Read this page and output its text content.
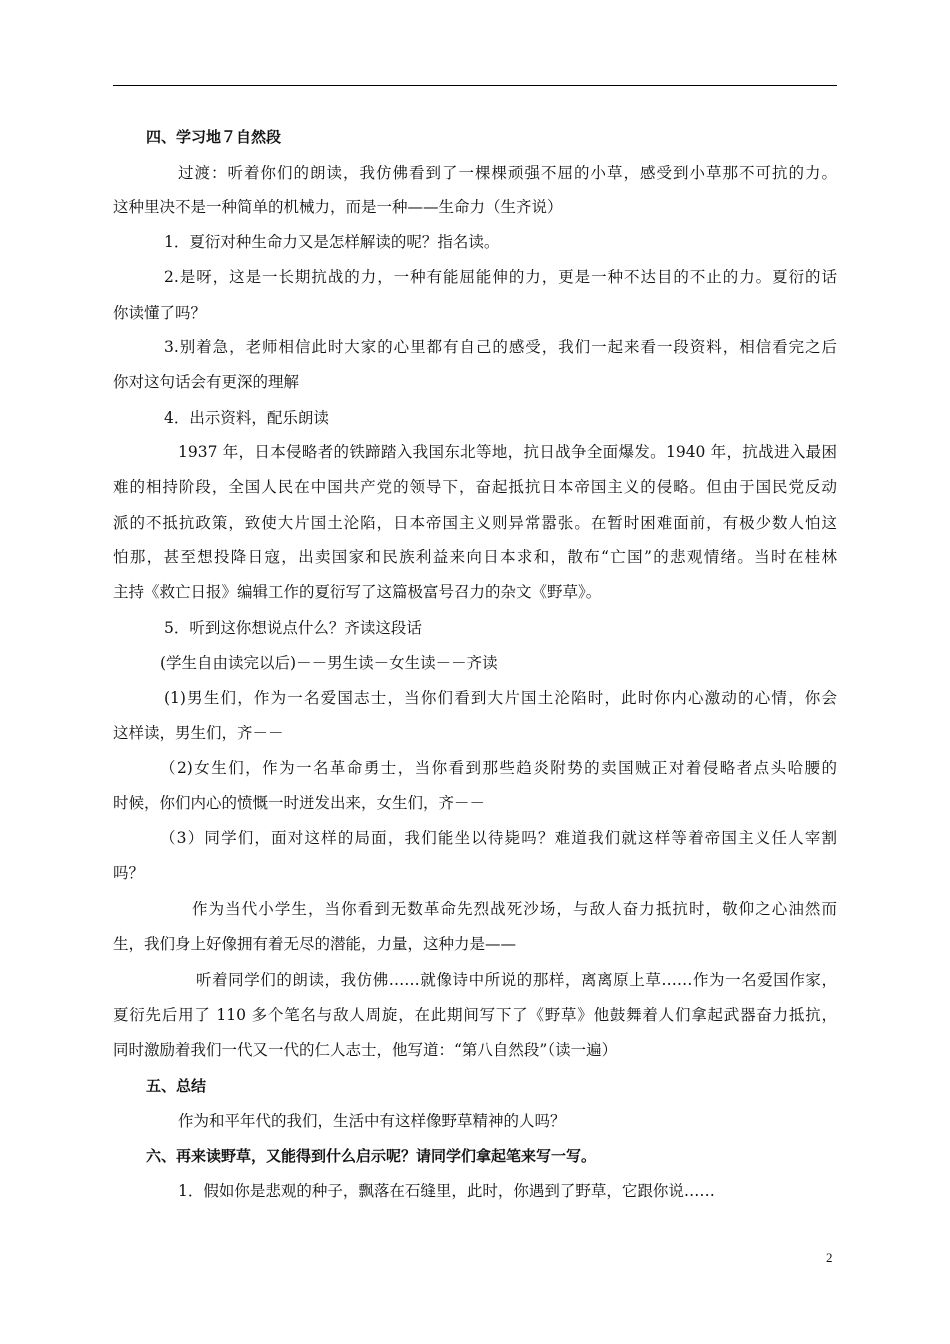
四、学习地７自然段
过渡：听着你们的朗读，我仿佛看到了一棵棵顽强不屈的小草，感受到小草那不可抗的力。
这种里决不是一种简单的机械力，而是一种——生命力（生齐说）
1．夏衍对种生命力又是怎样解读的呢？指名读。
2.是呀，这是一长期抗战的力，一种有能屈能伸的力，更是一种不达目的不止的力。夏衍的话
你读懂了吗？
3.别着急，老师相信此时大家的心里都有自己的感受，我们一起来看一段资料，相信看完之后
你对这句话会有更深的理解
4．出示资料，配乐朗读
1937 年，日本侵略者的铁蹄踏入我国东北等地，抗日战争全面爆发。1940 年，抗战进入最困
难的相持阶段，全国人民在中国共产党的领导下，奋起抵抗日本帝国主义的侵略。但由于国民党反动
派的不抵抗政策，致使大片国土沦陷，日本帝国主义则异常嚣张。在暂时困难面前，有极少数人怕这
怕那，甚至想投降日寇，出卖国家和民族利益来向日本求和，散布“亡国”的悲观情绪。当时在桂林
主持《救亡日报》编辑工作的夏衍写了这篇极富号召力的杂文《野草》。
5．听到这你想说点什么？齐读这段话
(学生自由读完以后)－－男生读－女生读－－齐读
(1)男生们，作为一名爱国志士，当你们看到大片国土沦陷时，此时你内心激动的心情，你会
这样读，男生们，齐－－
（2)女生们，作为一名革命勇士，当你看到那些趋炎附势的卖国贼正对着侵略者点头哈腰的
时候，你们内心的愤慨一时迸发出来，女生们，齐－－
（3）同学们，面对这样的局面，我们能坐以待毙吗？难道我们就这样等着帝国主义任人宰割
吗？
作为当代小学生，当你看到无数革命先烈战死沙场，与敌人奋力抵抗时，敬仰之心油然而
生，我们身上好像拥有着无尽的潜能，力量，这种力是——
听着同学们的朗读，我仿佛……就像诗中所说的那样，离离原上草……作为一名爱国作家，
夏衍先后用了 110 多个笔名与敌人周旋，在此期间写下了《野草》他鼓舞着人们拿起武器奋力抵抗，
同时激励着我们一代又一代的仁人志士，他写道：“第八自然段”（读一遍）
五、总结
作为和平年代的我们，生活中有这样像野草精神的人吗？
六、再来读野草，又能得到什么启示呢？请同学们拿起笔来写一写。
1．假如你是悲观的种子，飘落在石缝里，此时，你遇到了野草，它跟你说……
2
